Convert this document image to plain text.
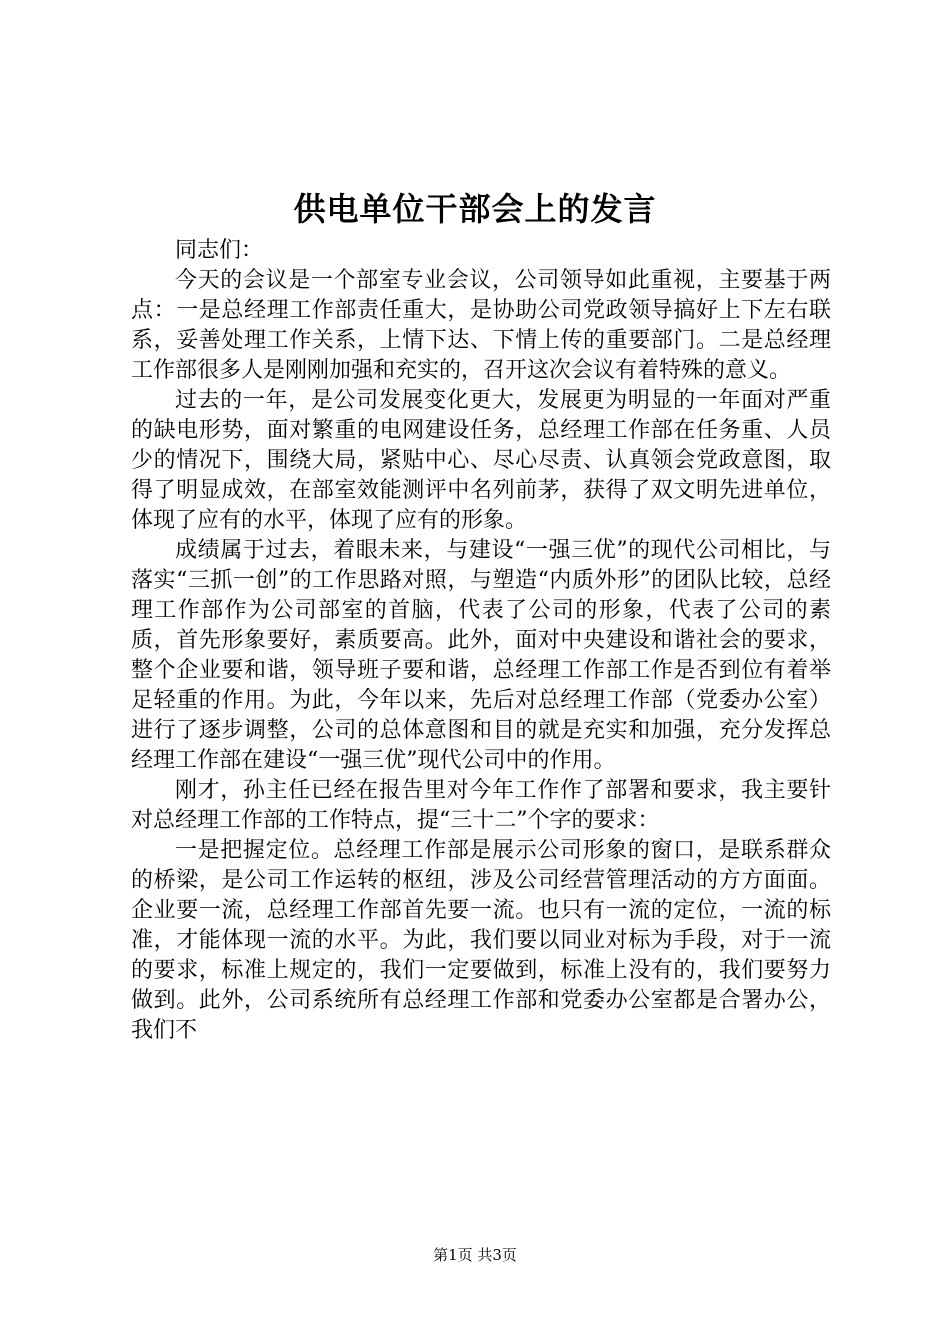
供电单位干部会上的发言

同志们：

今天的会议是一个部室专业会议，公司领导如此重视，主要基于两点：一是总经理工作部责任重大，是协助公司党政领导搞好上下左右联系，妥善处理工作关系，上情下达、下情上传的重要部门。二是总经理工作部很多人是刚刚加强和充实的，召开这次会议有着特殊的意义。

过去的一年，是公司发展变化更大，发展更为明显的一年面对严重的缺电形势，面对繁重的电网建设任务，总经理工作部在任务重、人员少的情况下，围绕大局，紧贴中心、尽心尽责、认真领会党政意图，取得了明显成效，在部室效能测评中名列前茅，获得了双文明先进单位，体现了应有的水平，体现了应有的形象。

成绩属于过去，着眼未来，与建设“一强三优”的现代公司相比，与落实“三抓一创”的工作思路对照，与塑造“内质外形”的团队比较，总经理工作部作为公司部室的首脑，代表了公司的形象，代表了公司的素质，首先形象要好，素质要高。此外，面对中央建设和谐社会的要求，整个企业要和谐，领导班子要和谐，总经理工作部工作是否到位有着举足轻重的作用。为此，今年以来，先后对总经理工作部（党委办公室）进行了逐步调整，公司的总体意图和目的就是充实和加强，充分发挥总经理工作部在建设“一强三优”现代公司中的作用。

刚才，孙主任已经在报告里对今年工作作了部署和要求，我主要针对总经理工作部的工作特点，提“三十二”个字的要求：

一是把握定位。总经理工作部是展示公司形象的窗口，是联系群众的桥梁，是公司工作运转的枢纽，涉及公司经营管理活动的方方面面。企业要一流，总经理工作部首先要一流。也只有一流的定位，一流的标准，才能体现一流的水平。为此，我们要以同业对标为手段，对于一流的要求，标准上规定的，我们一定要做到，标准上没有的，我们要努力做到。此外，公司系统所有总经理工作部和党委办公室都是合署办公，我们不

第1页 共3页
